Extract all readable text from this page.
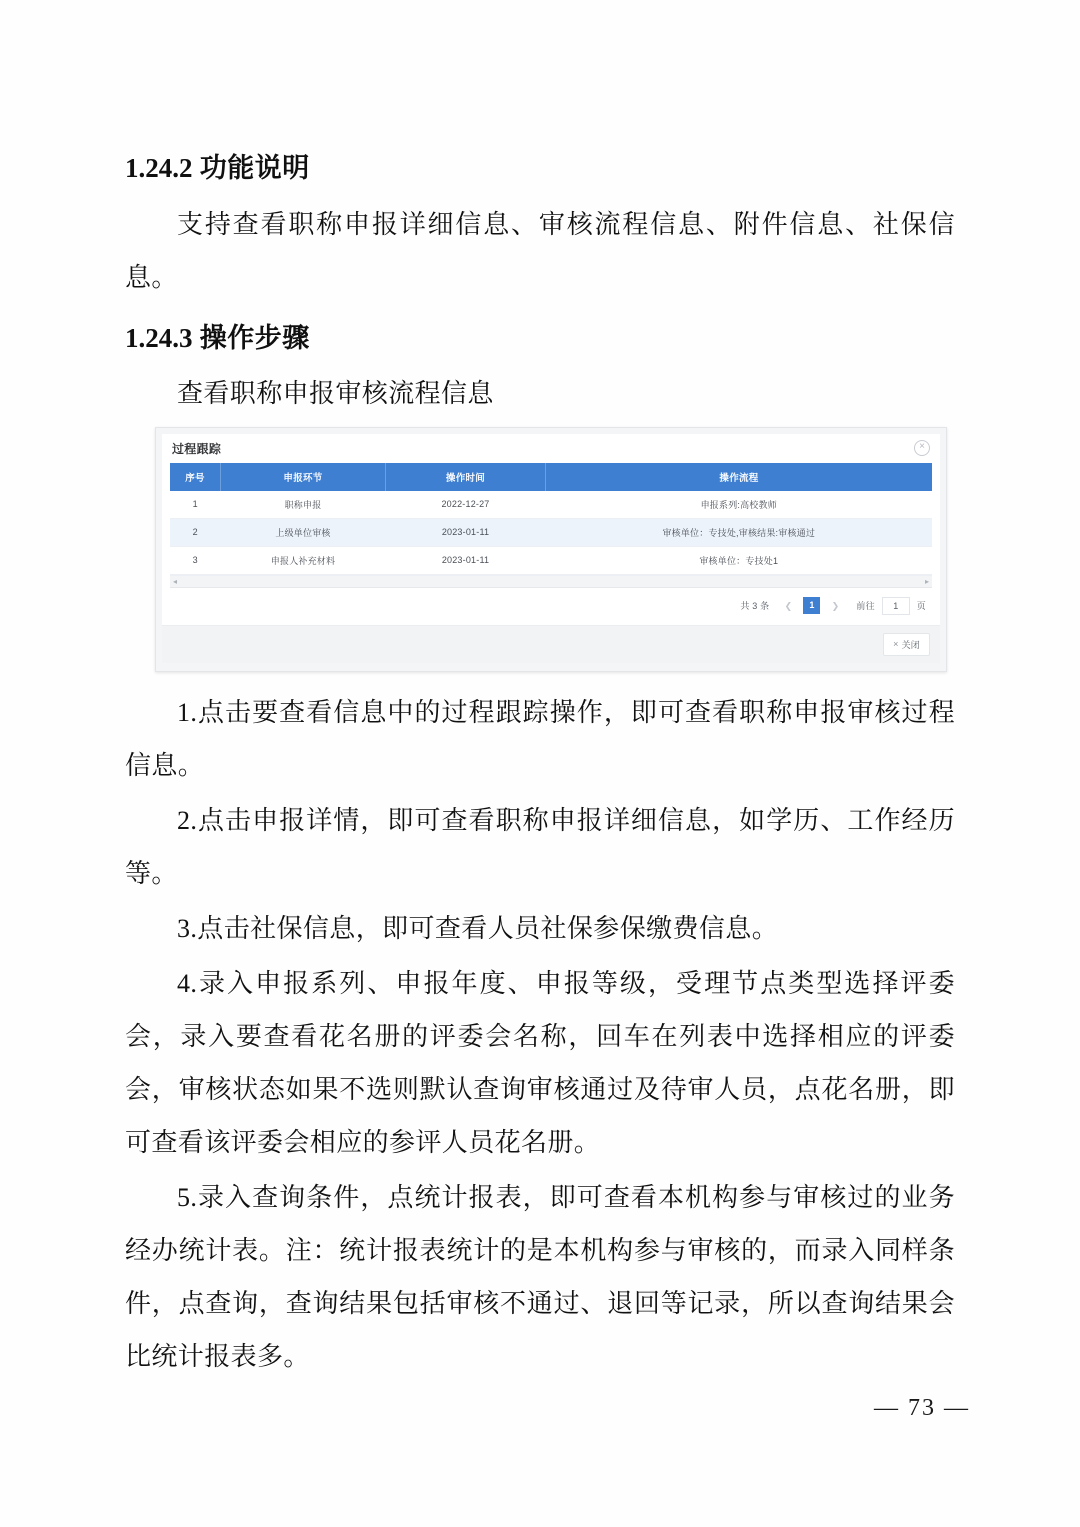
1.24.2 功能说明

支持查看职称申报详细信息、审核流程信息、附件信息、社保信息。

1.24.3 操作步骤

查看职称申报审核流程信息

过程跟踪	×
序号	申报环节	操作时间	操作流程
1	职称申报	2022-12-27	申报系列:高校教师
2	上级单位审核	2023-01-11	审核单位：专技处,审核结果:审核通过
3	申报人补充材料	2023-01-11	审核单位：专技处1
◂	▸
共 3 条	❮	1	❯	前往
1	页
× 关闭

1.点击要查看信息中的过程跟踪操作，即可查看职称申报审核过程信息。

2.点击申报详情，即可查看职称申报详细信息，如学历、工作经历等。

3.点击社保信息，即可查看人员社保参保缴费信息。

4.录入申报系列、申报年度、申报等级，受理节点类型选择评委会，录入要查看花名册的评委会名称，回车在列表中选择相应的评委会，审核状态如果不选则默认查询审核通过及待审人员，点花名册，即可查看该评委会相应的参评人员花名册。

5.录入查询条件，点统计报表，即可查看本机构参与审核过的业务经办统计表。注：统计报表统计的是本机构参与审核的，而录入同样条件，点查询，查询结果包括审核不通过、退回等记录，所以查询结果会比统计报表多。

— 73 —
